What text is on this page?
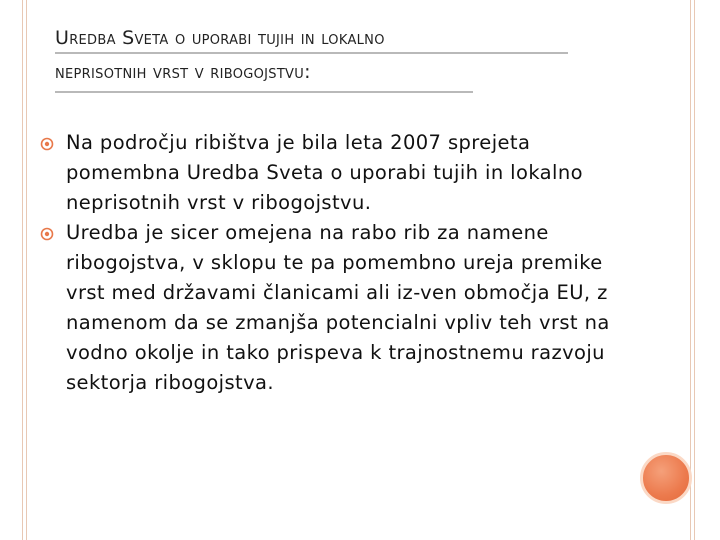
Uredba Sveta o uporabi tujih in lokalno
neprisotnih vrst v ribogojstvu:
Na področju ribištva je bila leta 2007 sprejeta pomembna Uredba Sveta o uporabi tujih in lokalno neprisotnih vrst v ribogojstvu.
Uredba je sicer omejena na rabo rib za namene ribogojstva, v sklopu te pa pomembno ureja premike vrst med državami članicami ali iz-ven območja EU, z namenom da se zmanjša potencialni vpliv teh vrst na vodno okolje in tako prispeva k trajnostnemu razvoju sektorja ribogojstva.
